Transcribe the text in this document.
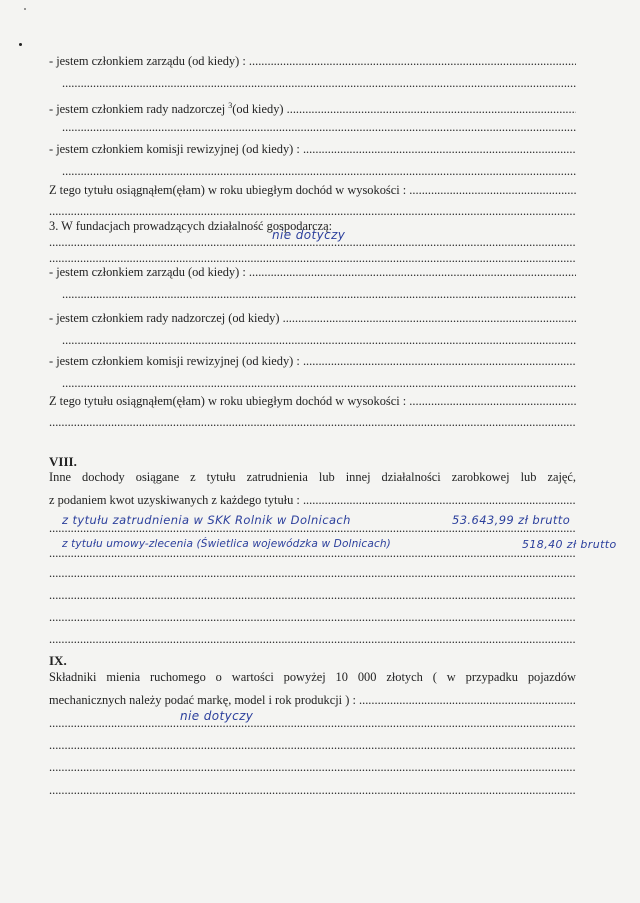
- jestem członkiem zarządu (od kiedy) : .....
.....
- jestem członkiem rady nadzorczej $^3$(od kiedy) .....
.....
- jestem członkiem komisji rewizyjnej (od kiedy) : .....
.....
Z tego tytułu osiągnąłem(ęłam) w roku ubiegłym dochód w wysokości : .....
.....
3. W fundacjach prowadzących działalność gospodarczą:
.....
nie dotyczy
.....
- jestem członkiem zarządu (od kiedy) : .....
.....
- jestem członkiem rady nadzorczej (od kiedy) .....
.....
- jestem członkiem komisji rewizyjnej (od kiedy) : .....
.....
Z tego tytułu osiągnąłem(ęłam) w roku ubiegłym dochód w wysokości : .....
.....
VIII.
Inne dochody osiągane z tytułu zatrudnienia lub innej działalności zarobkowej lub zajęć,
z podaniem kwot uzyskiwanych z każdego tytułu : .....
.....
z tytułu zatrudnienia w SKK Rolnik w Dolnicach	53.643,99 zł brutto
.....
z tytułu umowy-zlecenia (Świetlica wojewódzka w Dolnicach)	518,40 zł brutto
.....
.....
.....
.....
IX.
Składniki mienia ruchomego o wartości powyżej 10 000 złotych ( w przypadku pojazdów
mechanicznych należy podać markę, model i rok produkcji ) : .....
.....
nie dotyczy
.....
.....
.....
